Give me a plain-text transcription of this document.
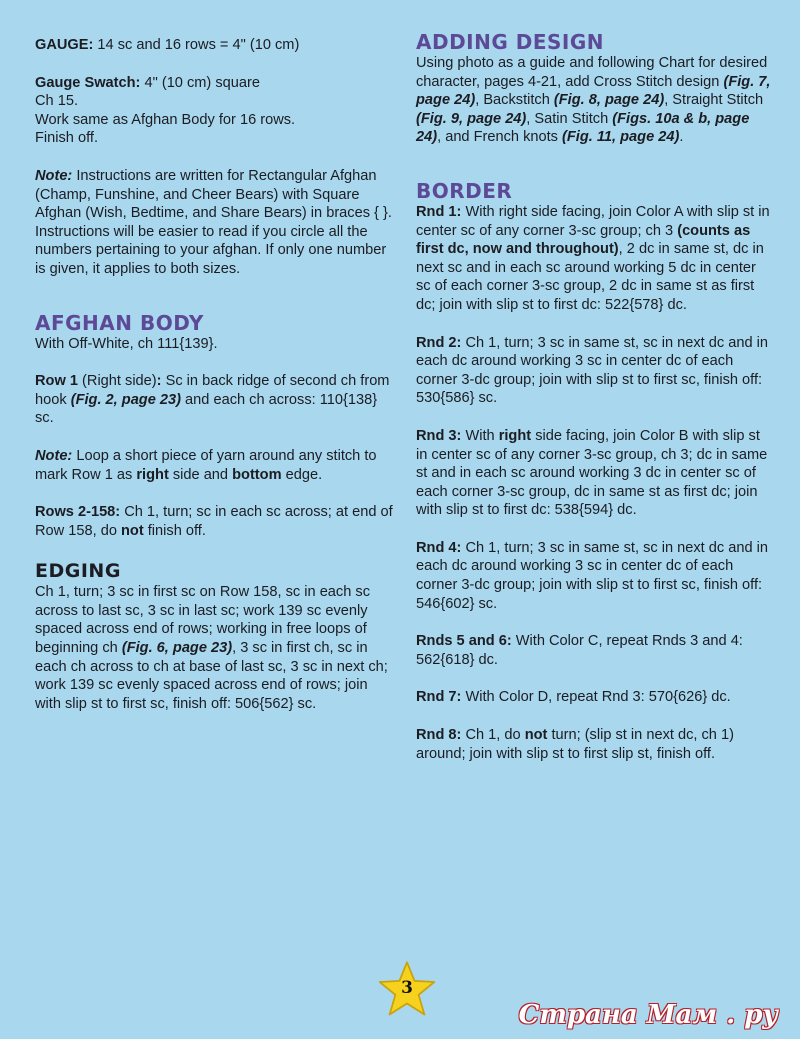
GAUGE: 14 sc and 16 rows = 4" (10 cm)

Gauge Swatch: 4" (10 cm) square

Ch 15.

Work same as Afghan Body for 16 rows.

Finish off.

Note: Instructions are written for Rectangular Afghan (Champ, Funshine, and Cheer Bears) with Square Afghan (Wish, Bedtime, and Share Bears) in braces { }. Instructions will be easier to read if you circle all the numbers pertaining to your afghan. If only one number is given, it applies to both sizes.

AFGHAN BODY

With Off-White, ch 111{139}.

Row 1 (Right side): Sc in back ridge of second ch from hook (Fig. 2, page 23) and each ch across: 110{138} sc.

Note: Loop a short piece of yarn around any stitch to mark Row 1 as right side and bottom edge.

Rows 2-158: Ch 1, turn; sc in each sc across; at end of Row 158, do not finish off.

EDGING

Ch 1, turn; 3 sc in first sc on Row 158, sc in each sc across to last sc, 3 sc in last sc; work 139 sc evenly spaced across end of rows; working in free loops of beginning ch (Fig. 6, page 23), 3 sc in first ch, sc in each ch across to ch at base of last sc, 3 sc in next ch; work 139 sc evenly spaced across end of rows; join with slip st to first sc, finish off: 506{562} sc.

ADDING DESIGN

Using photo as a guide and following Chart for desired character, pages 4-21, add Cross Stitch design (Fig. 7, page 24), Backstitch (Fig. 8, page 24), Straight Stitch (Fig. 9, page 24), Satin Stitch (Figs. 10a & b, page 24), and French knots (Fig. 11, page 24).

BORDER

Rnd 1: With right side facing, join Color A with slip st in center sc of any corner 3-sc group; ch 3 (counts as first dc, now and throughout), 2 dc in same st, dc in next sc and in each sc around working 5 dc in center sc of each corner 3-sc group, 2 dc in same st as first dc; join with slip st to first dc: 522{578} dc.

Rnd 2: Ch 1, turn; 3 sc in same st, sc in next dc and in each dc around working 3 sc in center dc of each corner 3-dc group; join with slip st to first sc, finish off: 530{586} sc.

Rnd 3: With right side facing, join Color B with slip st in center sc of any corner 3-sc group, ch 3; dc in same st and in each sc around working 3 dc in center sc of each corner 3-sc group, dc in same st as first dc; join with slip st to first dc: 538{594} dc.

Rnd 4: Ch 1, turn; 3 sc in same st, sc in next dc and in each dc around working 3 sc in center dc of each corner 3-dc group; join with slip st to first sc, finish off: 546{602} sc.

Rnds 5 and 6: With Color C, repeat Rnds 3 and 4: 562{618} dc.

Rnd 7: With Color D, repeat Rnd 3: 570{626} dc.

Rnd 8: Ch 1, do not turn; (slip st in next dc, ch 1) around; join with slip st to first slip st, finish off.

3
Страна Мам . ру
